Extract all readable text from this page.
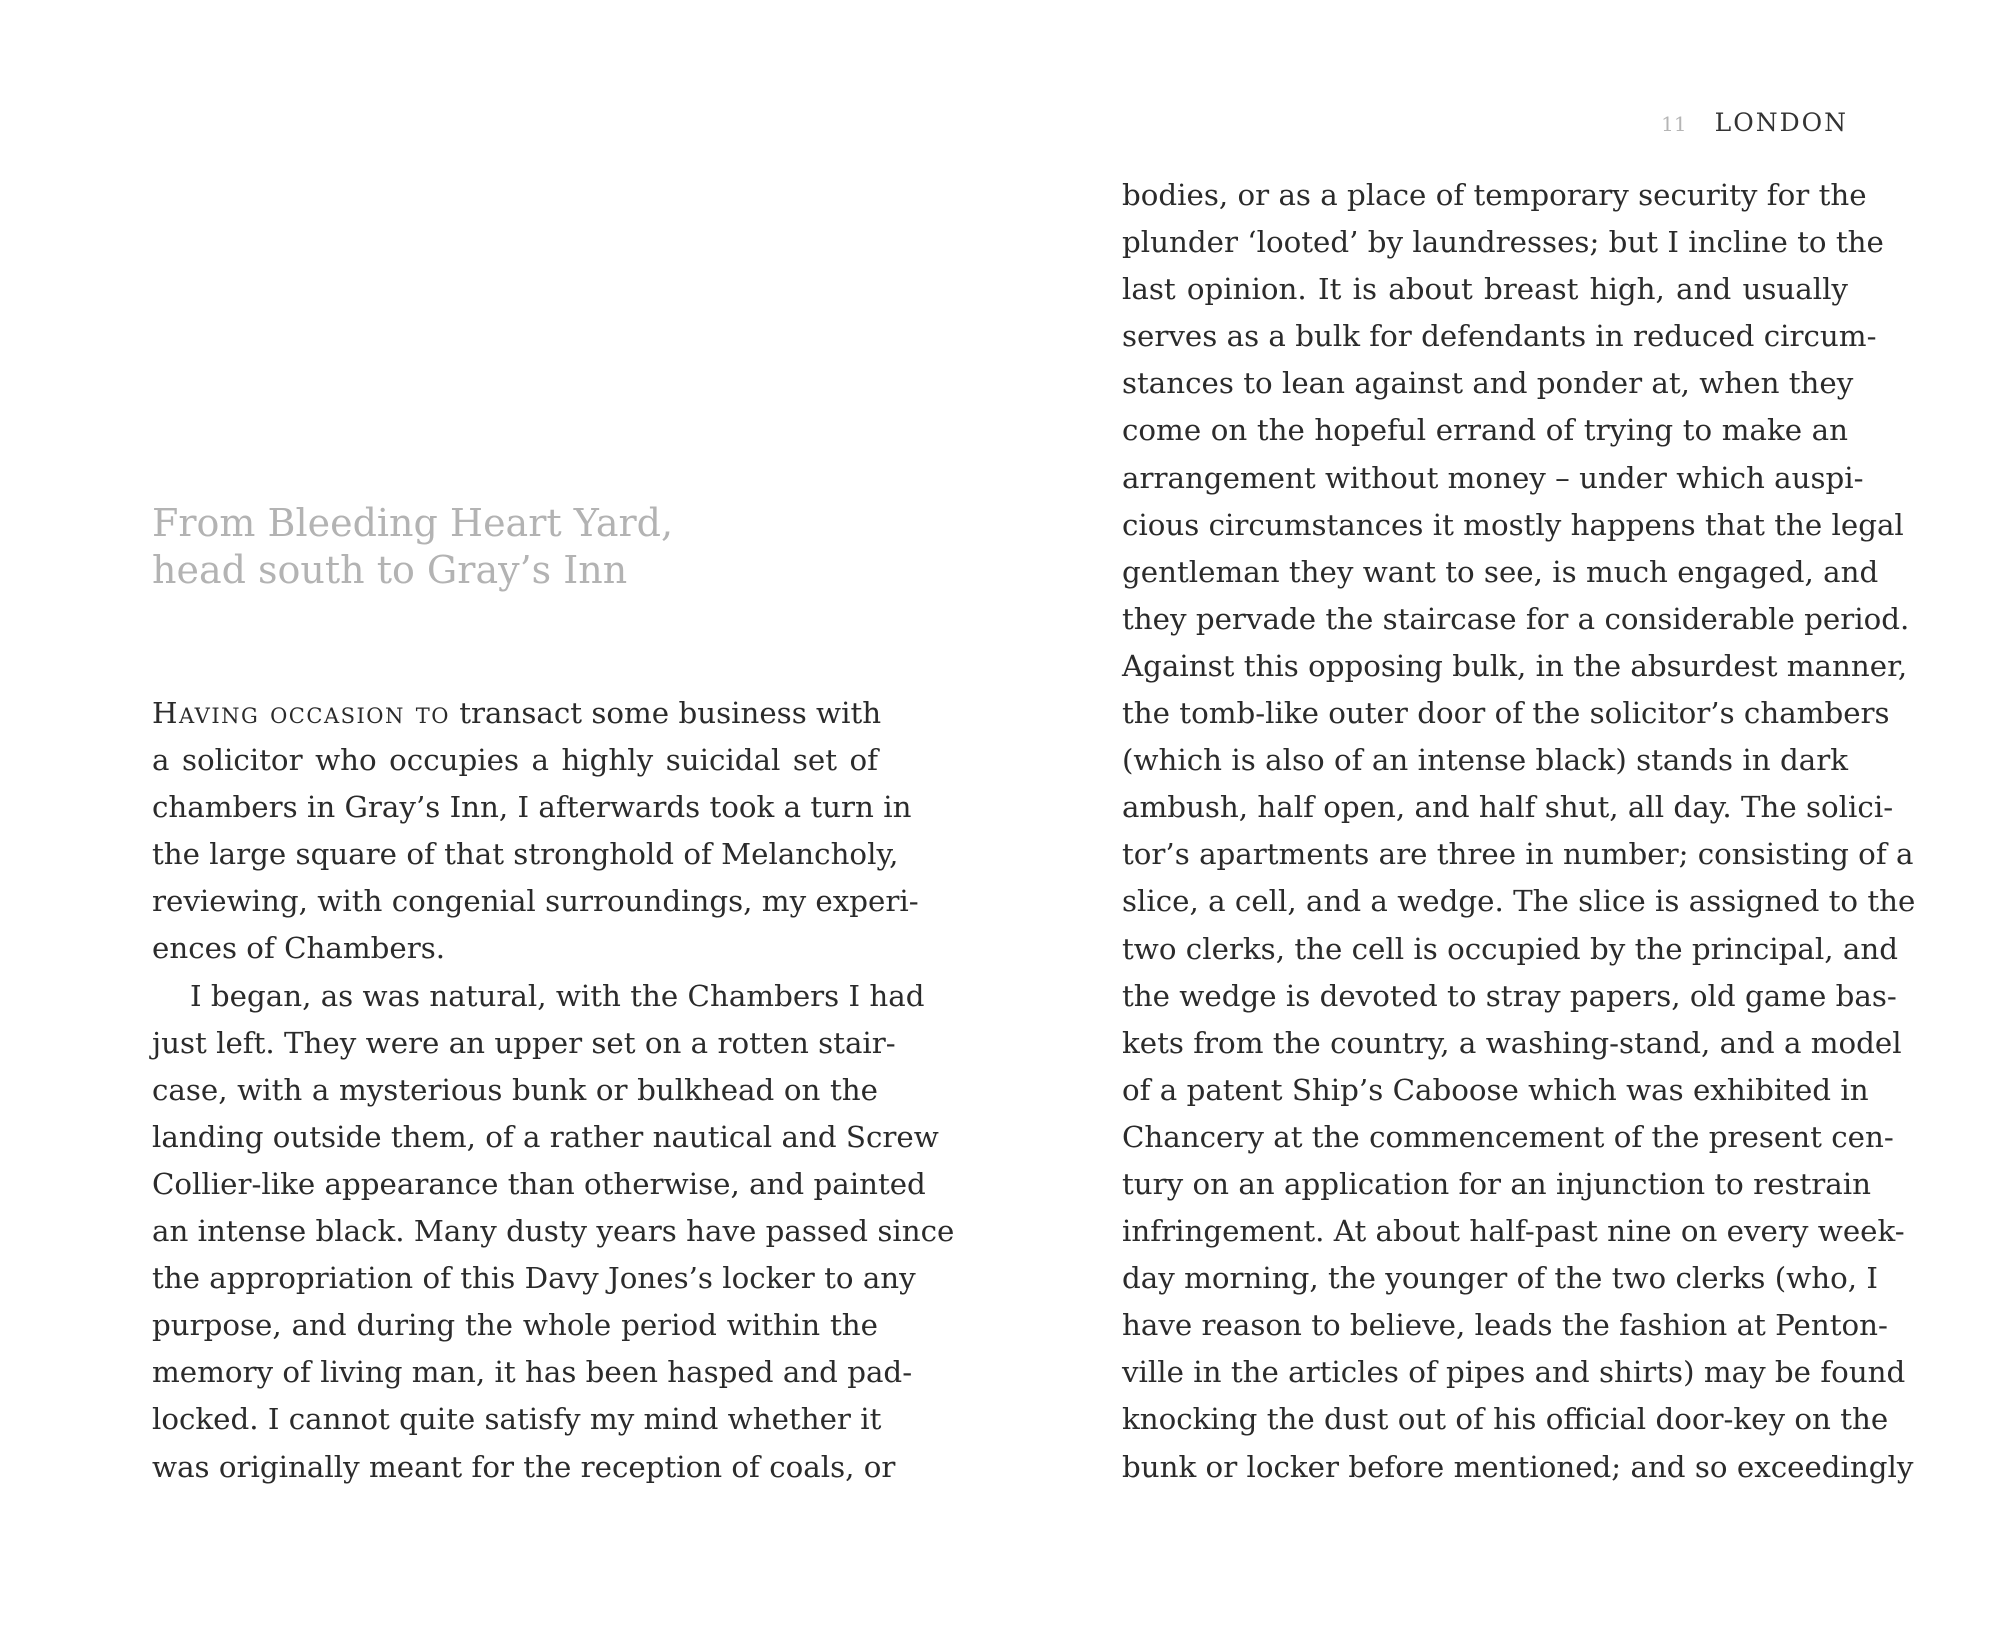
From Bleeding Heart Yard,
head south to Gray’s Inn
Having occasion to transact some business with
a solicitor who occupies a highly suicidal set of
chambers in Gray’s Inn, I afterwards took a turn in
the large square of that stronghold of Melancholy,
reviewing, with congenial surroundings, my experi-
ences of Chambers.
I began, as was natural, with the Chambers I had
just left. They were an upper set on a rotten stair-
case, with a mysterious bunk or bulkhead on the
landing outside them, of a rather nautical and Screw
Collier-like appearance than otherwise, and painted
an intense black. Many dusty years have passed since
the appropriation of this Davy Jones’s locker to any
purpose, and during the whole period within the
memory of living man, it has been hasped and pad-
locked. I cannot quite satisfy my mind whether it
was originally meant for the reception of coals, or
11 LONDON
bodies, or as a place of temporary security for the
plunder ‘looted’ by laundresses; but I incline to the
last opinion. It is about breast high, and usually
serves as a bulk for defendants in reduced circum-
stances to lean against and ponder at, when they
come on the hopeful errand of trying to make an
arrangement without money – under which auspi-
cious circumstances it mostly happens that the legal
gentleman they want to see, is much engaged, and
they pervade the staircase for a considerable period.
Against this opposing bulk, in the absurdest manner,
the tomb-like outer door of the solicitor’s chambers
(which is also of an intense black) stands in dark
ambush, half open, and half shut, all day. The solici-
tor’s apartments are three in number; consisting of a
slice, a cell, and a wedge. The slice is assigned to the
two clerks, the cell is occupied by the principal, and
the wedge is devoted to stray papers, old game bas-
kets from the country, a washing-stand, and a model
of a patent Ship’s Caboose which was exhibited in
Chancery at the commencement of the present cen-
tury on an application for an injunction to restrain
infringement. At about half-past nine on every week-
day morning, the younger of the two clerks (who, I
have reason to believe, leads the fashion at Penton-
ville in the articles of pipes and shirts) may be found
knocking the dust out of his official door-key on the
bunk or locker before mentioned; and so exceedingly
